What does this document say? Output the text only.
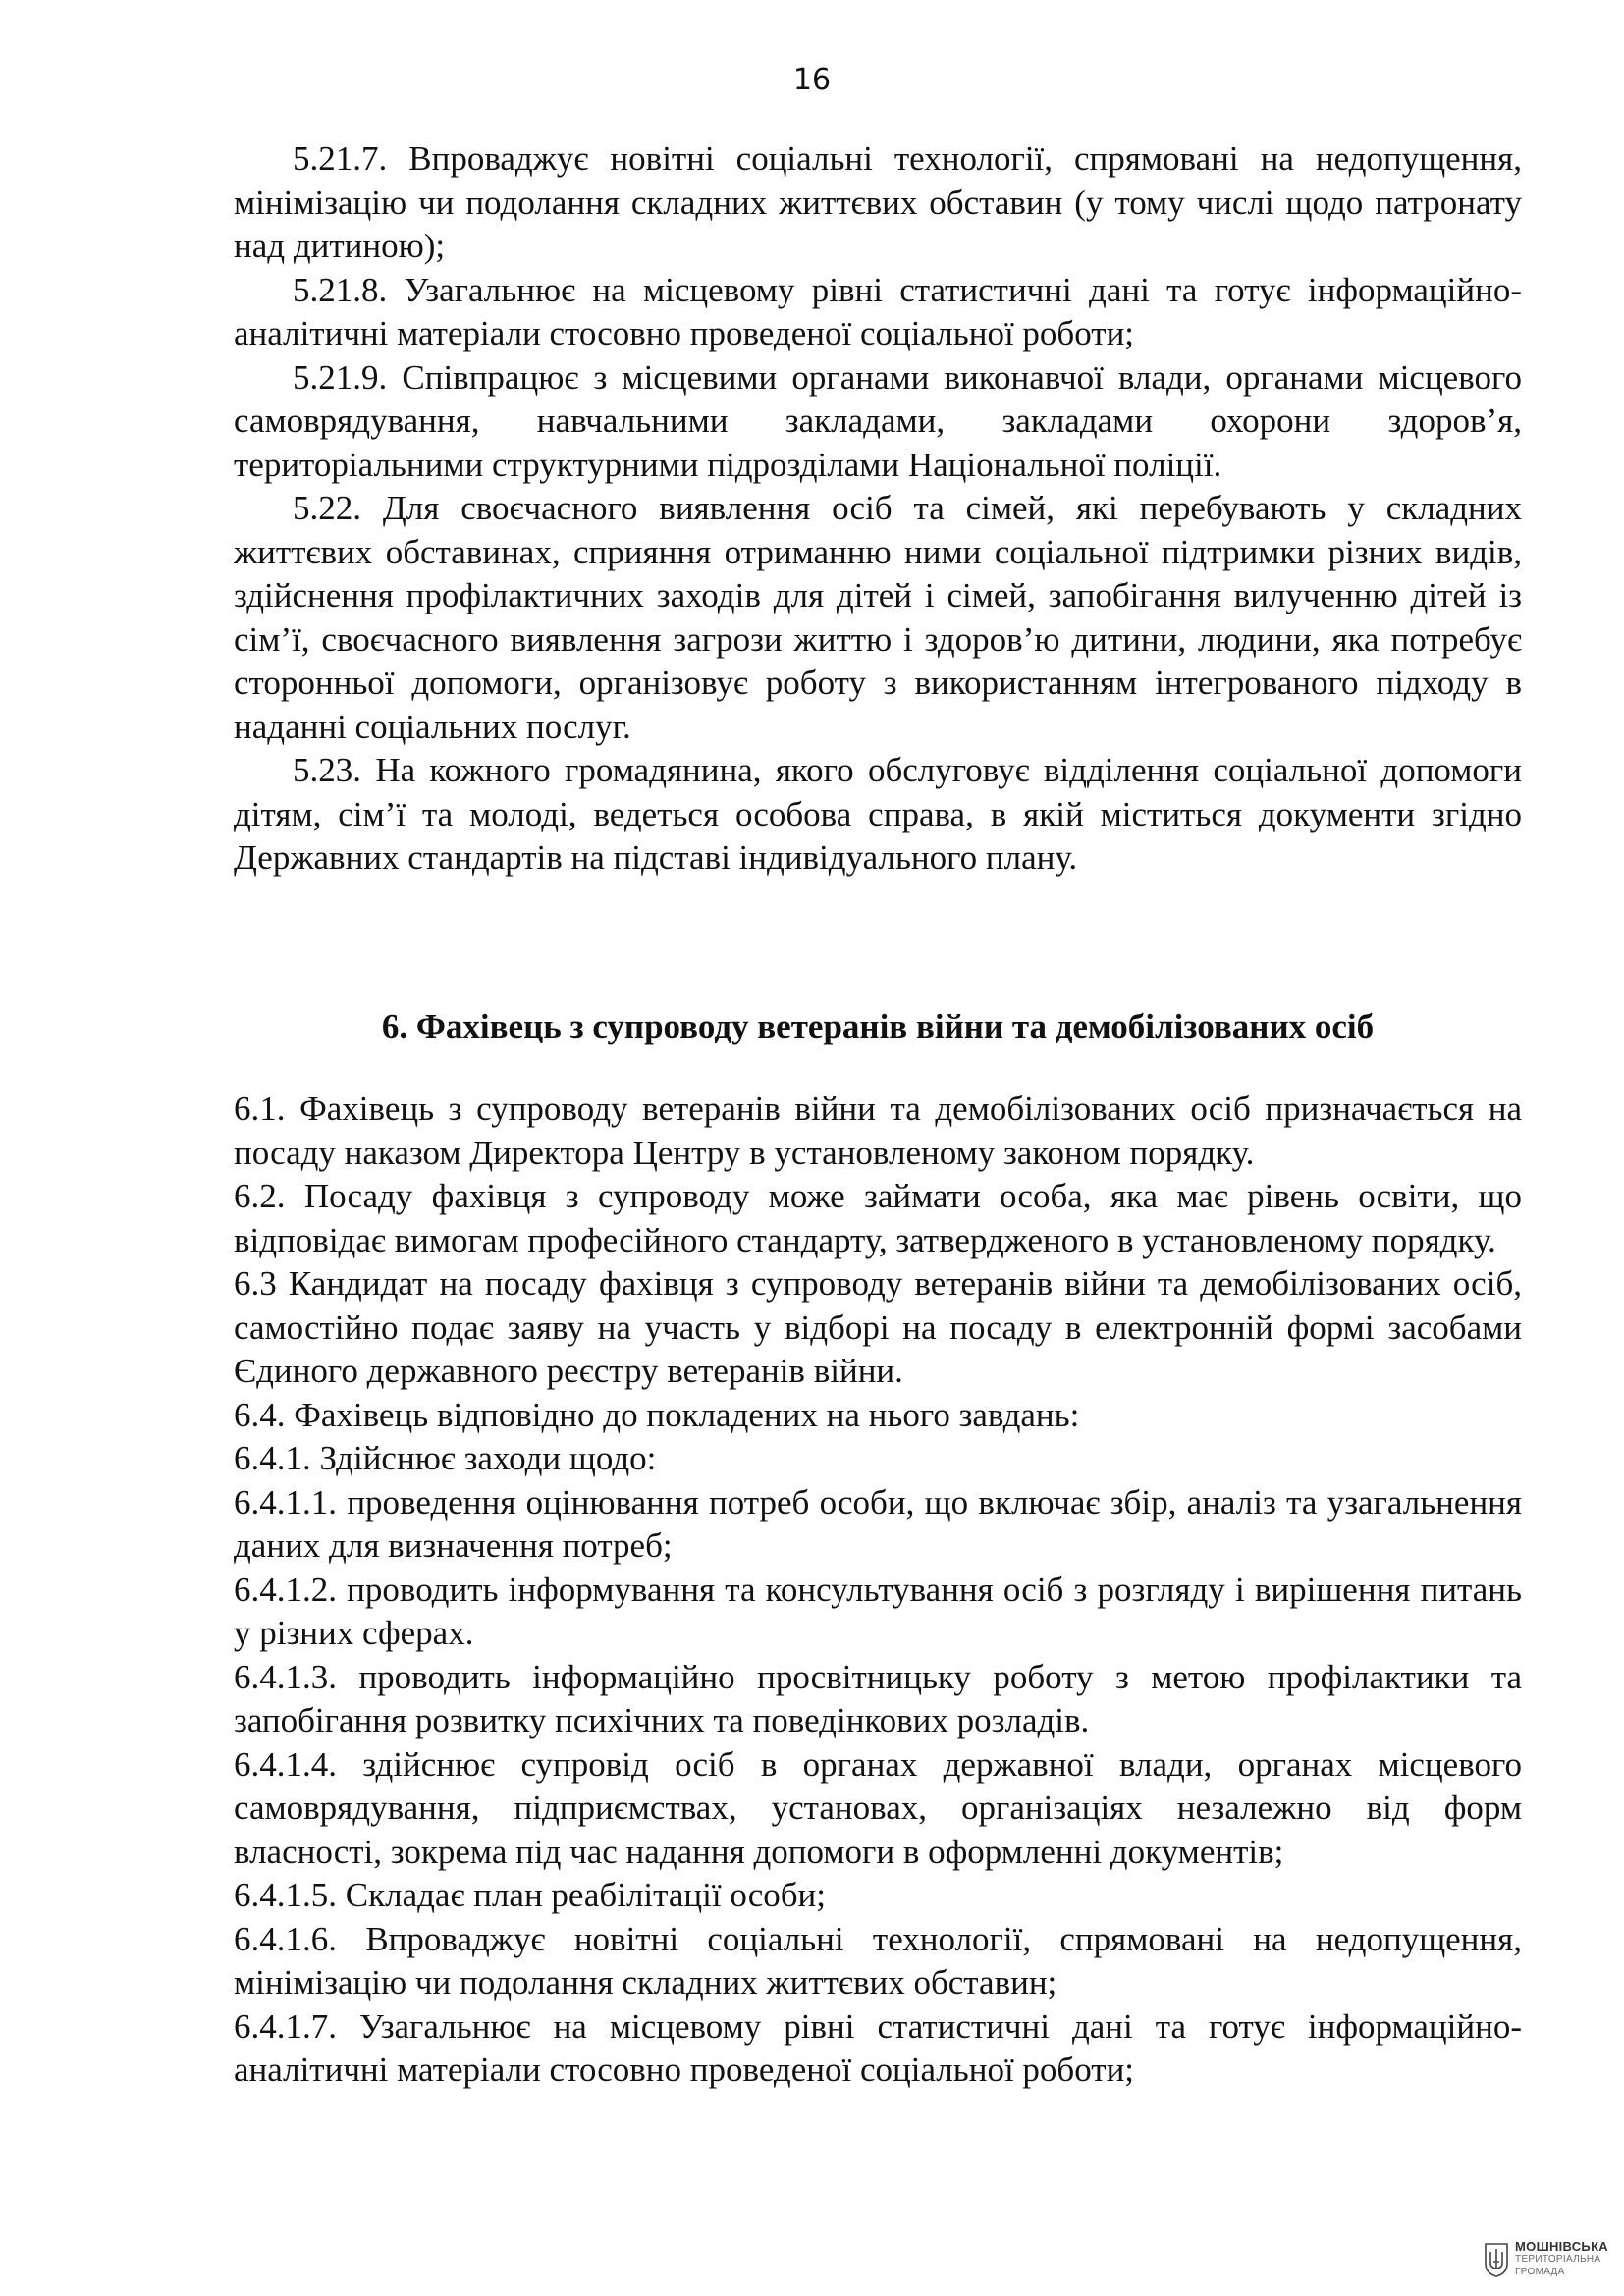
16

5.21.7. Впроваджує новітні соціальні технології, спрямовані на недопущення, мінімізацію чи подолання складних життєвих обставин (у тому числі щодо патронату над дитиною);

5.21.8. Узагальнює на місцевому рівні статистичні дані та готує інформаційно-аналітичні матеріали стосовно проведеної соціальної роботи;

5.21.9. Співпрацює з місцевими органами виконавчої влади, органами місцевого самоврядування, навчальними закладами, закладами охорони здоров’я, територіальними структурними підрозділами Національної поліції.

5.22. Для своєчасного виявлення осіб та сімей, які перебувають у складних життєвих обставинах, сприяння отриманню ними соціальної підтримки різних видів, здійснення профілактичних заходів для дітей і сімей, запобігання вилученню дітей із сім’ї, своєчасного виявлення загрози життю і здоров’ю дитини, людини, яка потребує сторонньої допомоги, організовує роботу з використанням інтегрованого підходу в наданні соціальних послуг.

5.23. На кожного громадянина, якого обслуговує відділення соціальної допомоги дітям, сім’ї та молоді, ведеться особова справа, в якій міститься документи згідно Державних стандартів на підставі індивідуального плану.

6. Фахівець з супроводу ветеранів війни та демобілізованих осіб

6.1. Фахівець з супроводу ветеранів війни та демобілізованих осіб призначається на посаду наказом Директора Центру в установленому законом порядку.

6.2. Посаду фахівця з супроводу може займати особа, яка має рівень освіти, що відповідає вимогам професійного стандарту, затвердженого в установленому порядку.

6.3 Кандидат на посаду фахівця з супроводу ветеранів війни та демобілізованих осіб, самостійно подає заяву на участь у відборі на посаду в електронній формі засобами Єдиного державного реєстру ветеранів війни.

6.4. Фахівець відповідно до покладених на нього завдань:

6.4.1. Здійснює заходи щодо:

6.4.1.1. проведення оцінювання потреб особи, що включає збір, аналіз та узагальнення даних для визначення потреб;

6.4.1.2. проводить інформування та консультування осіб з розгляду і вирішення питань у різних сферах.

6.4.1.3. проводить інформаційно просвітницьку роботу з метою профілактики та запобігання розвитку психічних та поведінкових розладів.

6.4.1.4. здійснює супровід осіб в органах державної влади, органах місцевого самоврядування, підприємствах, установах, організаціях незалежно від форм власності, зокрема під час надання допомоги в оформленні документів;

6.4.1.5. Складає план реабілітації особи;

6.4.1.6. Впроваджує новітні соціальні технології, спрямовані на недопущення, мінімізацію чи подолання складних життєвих обставин;

6.4.1.7. Узагальнює на місцевому рівні статистичні дані та готує інформаційно-аналітичні матеріали стосовно проведеної соціальної роботи;

МОШНІВСЬКА
ТЕРИТОРІАЛЬНА
ГРОМАДА
